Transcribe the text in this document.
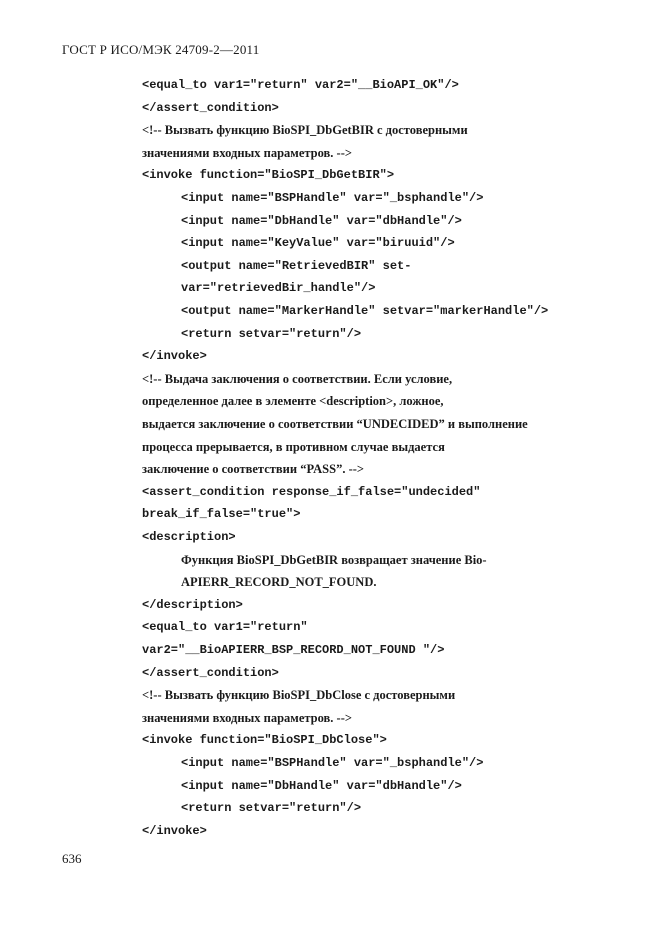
ГОСТ Р ИСО/МЭК 24709-2—2011
<equal_to var1="return" var2="__BioAPI_OK"/>
</assert_condition>
<!-- Вызвать функцию BioSPI_DbGetBIR с достоверными
значениями входных параметров. -->
<invoke function="BioSPI_DbGetBIR">
<input name="BSPHandle" var="_bsphandle"/>
<input name="DbHandle" var="dbHandle"/>
<input name="KeyValue" var="biruuid"/>
<output name="RetrievedBIR" set-
var="retrievedBir_handle"/>
<output name="MarkerHandle" setvar="markerHandle"/>
<return setvar="return"/>
</invoke>
<!-- Выдача заключения о соответствии. Если условие,
определенное далее в элементе <description>, ложное,
выдается заключение о соответствии “UNDECIDED” и выполнение
процесса прерывается, в противном случае выдается
заключение о соответствии “PASS”. -->
<assert_condition response_if_false="undecided"
break_if_false="true">
<description>
Функция BioSPI_DbGetBIR возвращает значение Bio-
APIERR_RECORD_NOT_FOUND.
</description>
<equal_to var1="return"
var2="__BioAPIERR_BSP_RECORD_NOT_FOUND "/>
</assert_condition>
<!-- Вызвать функцию BioSPI_DbClose с достоверными
значениями входных параметров. -->
<invoke function="BioSPI_DbClose">
<input name="BSPHandle" var="_bsphandle"/>
<input name="DbHandle" var="dbHandle"/>
<return setvar="return"/>
</invoke>
636
